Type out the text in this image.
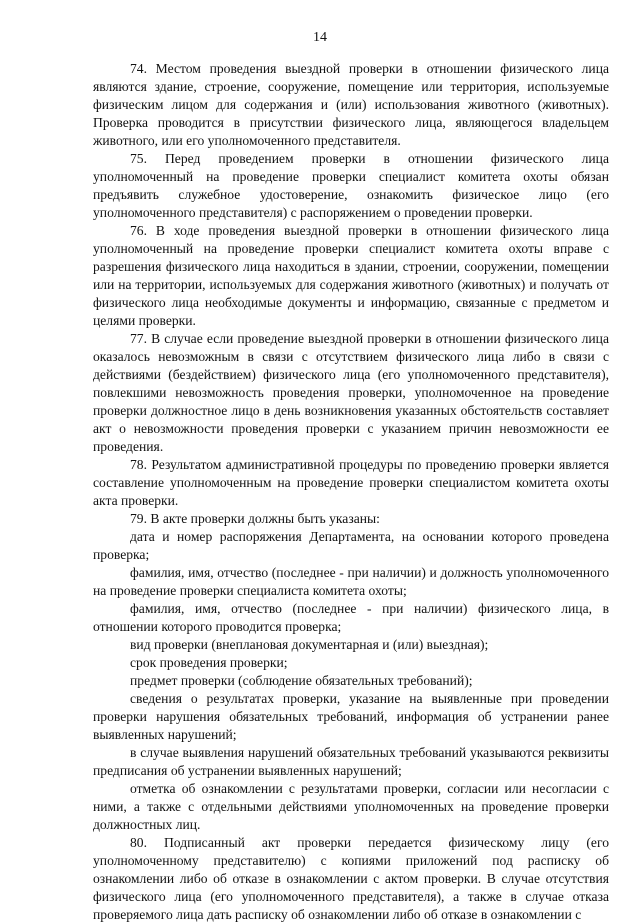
14

74. Местом проведения выездной проверки в отношении физического лица являются здание, строение, сооружение, помещение или территория, используемые физическим лицом для содержания и (или) использования животного (животных). Проверка проводится в присутствии физического лица, являющегося владельцем животного, или его уполномоченного представителя.

75. Перед проведением проверки в отношении физического лица уполномоченный на проведение проверки специалист комитета охоты обязан предъявить служебное удостоверение, ознакомить физическое лицо (его уполномоченного представителя) с распоряжением о проведении проверки.

76. В ходе проведения выездной проверки в отношении физического лица уполномоченный на проведение проверки специалист комитета охоты вправе с разрешения физического лица находиться в здании, строении, сооружении, помещении или на территории, используемых для содержания животного (животных) и получать от физического лица необходимые документы и информацию, связанные с предметом и целями проверки.

77. В случае если проведение выездной проверки в отношении физического лица оказалось невозможным в связи с отсутствием физического лица либо в связи с действиями (бездействием) физического лица (его уполномоченного представителя), повлекшими невозможность проведения проверки, уполномоченное на проведение проверки должностное лицо в день возникновения указанных обстоятельств составляет акт о невозможности проведения проверки с указанием причин невозможности ее проведения.

78. Результатом административной процедуры по проведению проверки является составление уполномоченным на проведение проверки специалистом комитета охоты акта проверки.

79. В акте проверки должны быть указаны:

дата и номер распоряжения Департамента, на основании которого проведена проверка;

фамилия, имя, отчество (последнее - при наличии) и должность уполномоченного на проведение проверки специалиста комитета охоты;

фамилия, имя, отчество (последнее - при наличии) физического лица, в отношении которого проводится проверка;

вид проверки (внеплановая документарная и (или) выездная);

срок проведения проверки;

предмет проверки (соблюдение обязательных требований);

сведения о результатах проверки, указание на выявленные при проведении проверки нарушения обязательных требований, информация об устранении ранее выявленных нарушений;

в случае выявления нарушений обязательных требований указываются реквизиты предписания об устранении выявленных нарушений;

отметка об ознакомлении с результатами проверки, согласии или несогласии с ними, а также с отдельными действиями уполномоченных на проведение проверки должностных лиц.

80. Подписанный акт проверки передается физическому лицу (его уполномоченному представителю) с копиями приложений под расписку об ознакомлении либо об отказе в ознакомлении с актом проверки. В случае отсутствия физического лица (его уполномоченного представителя), а также в случае отказа проверяемого лица дать расписку об ознакомлении либо об отказе в ознакомлении с
